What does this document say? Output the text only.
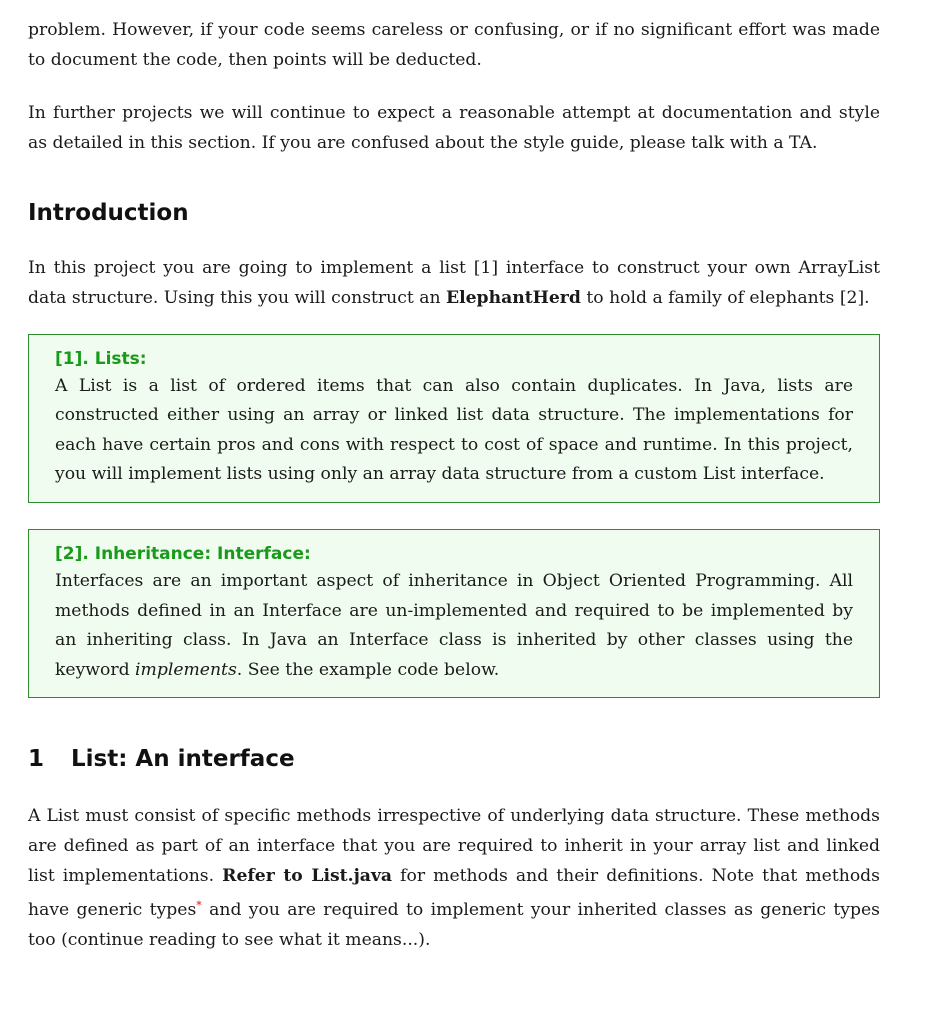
problem. However, if your code seems careless or confusing, or if no significant effort was made to document the code, then points will be deducted.

In further projects we will continue to expect a reasonable attempt at documentation and style as detailed in this section. If you are confused about the style guide, please talk with a TA.

Introduction

In this project you are going to implement a list [1] interface to construct your own ArrayList data structure. Using this you will construct an ElephantHerd to hold a family of elephants [2].

[1]. Lists:

A List is a list of ordered items that can also contain duplicates. In Java, lists are constructed either using an array or linked list data structure. The implementations for each have certain pros and cons with respect to cost of space and runtime. In this project, you will implement lists using only an array data structure from a custom List interface.

[2]. Inheritance: Interface:

Interfaces are an important aspect of inheritance in Object Oriented Programming. All methods defined in an Interface are un-implemented and required to be implemented by an inheriting class. In Java an Interface class is inherited by other classes using the keyword implements. See the example code below.

1 List: An interface

A List must consist of specific methods irrespective of underlying data structure. These methods are defined as part of an interface that you are required to inherit in your array list and linked list implementations. Refer to List.java for methods and their definitions. Note that methods have generic types* and you are required to implement your inherited classes as generic types too (continue reading to see what it means...).
